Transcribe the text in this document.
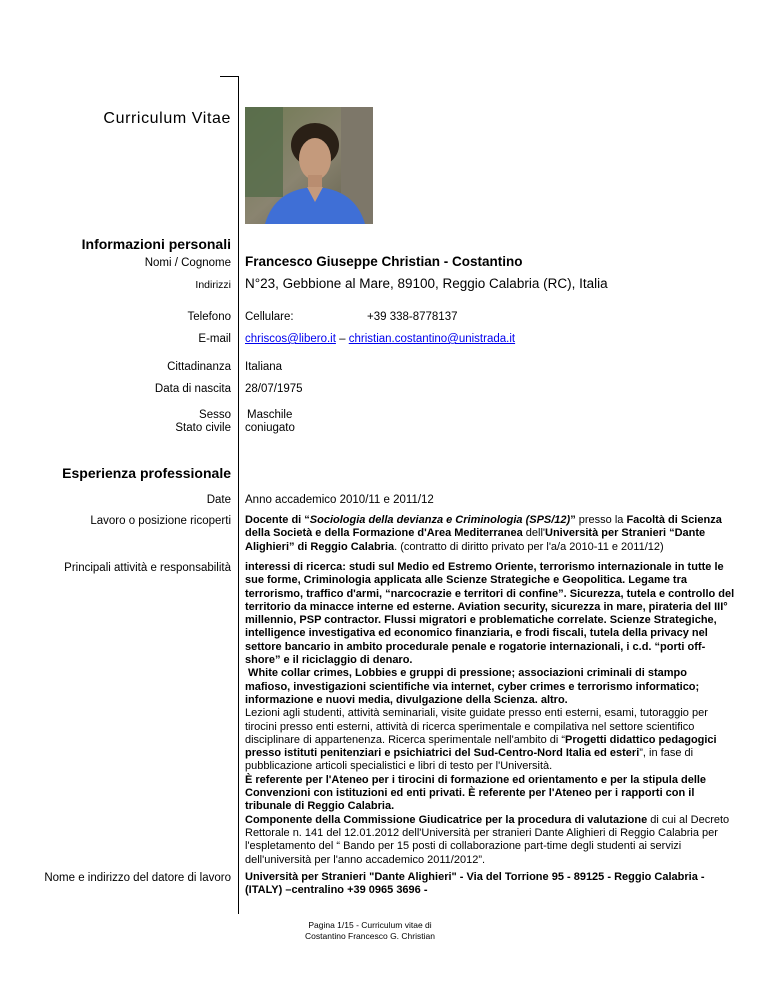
Curriculum Vitae
Informazioni personali
Nomi / Cognome Francesco Giuseppe Christian - Costantino
Indirizzi N°23, Gebbione al Mare, 89100, Reggio Calabria (RC), Italia
Telefono Cellulare:	+39 338-8778137
E-mail chriscos@libero.it – christian.costantino@unistrada.it
Cittadinanza Italiana
Data di nascita 28/07/1975
Sesso Maschile
Stato civile coniugato
Esperienza professionale
Date Anno accademico 2010/11 e 2011/12
Lavoro o posizione ricoperti Docente di “Sociologia della devianza e Criminologia (SPS/12)” presso la Facoltà di Scienza della Società e della Formazione d'Area Mediterranea dell'Università per Stranieri “Dante Alighieri” di Reggio Calabria. (contratto di diritto privato per l'a/a 2010-11 e 2011/12)
Principali attività e responsabilità interessi di ricerca: studi sul Medio ed Estremo Oriente, terrorismo internazionale in tutte le sue forme, Criminologia applicata alle Scienze Strategiche e Geopolitica. Legame tra terrorismo, traffico d'armi, “narcocrazie e territori di confine”. Sicurezza, tutela e controllo del territorio da minacce interne ed esterne. Aviation security, sicurezza in mare, pirateria del III° millennio, PSP contractor. Flussi migratori e problematiche correlate. Scienze Strategiche, intelligence investigativa ed economico finanziaria, e frodi fiscali, tutela della privacy nel settore bancario in ambito procedurale penale e rogatorie internazionali, i c.d. “porti off-shore” e il riciclaggio di denaro.
White collar crimes, Lobbies e gruppi di pressione; associazioni criminali di stampo mafioso, investigazioni scientifiche via internet, cyber crimes e terrorismo informatico; informazione e nuovi media, divulgazione della Scienza. altro.
Lezioni agli studenti, attività seminariali, visite guidate presso enti esterni, esami, tutoraggio per tirocini presso enti esterni, attività di ricerca sperimentale e compilativa nel settore scientifico disciplinare di appartenenza. Ricerca sperimentale nell'ambito di “Progetti didattico pedagogici presso istituti penitenziari e psichiatrici del Sud-Centro-Nord Italia ed esteri”, in fase di pubblicazione articoli specialistici e libri di testo per l'Università.
È referente per l'Ateneo per i tirocini di formazione ed orientamento e per la stipula delle Convenzioni con istituzioni ed enti privati. È referente per l'Ateneo per i rapporti con il tribunale di Reggio Calabria.
Componente della Commissione Giudicatrice per la procedura di valutazione di cui al Decreto Rettorale n. 141 del 12.01.2012 dell'Università per stranieri Dante Alighieri di Reggio Calabria per l'espletamento del “ Bando per 15 posti di collaborazione part-time degli studenti ai servizi dell'università per l'anno accademico 2011/2012”.
Nome e indirizzo del datore di lavoro Università per Stranieri "Dante Alighieri" - Via del Torrione 95 - 89125 - Reggio Calabria - (ITALY) –centralino +39 0965 3696 -
Pagina 1/15 - Curriculum vitae di
Costantino Francesco G. Christian
